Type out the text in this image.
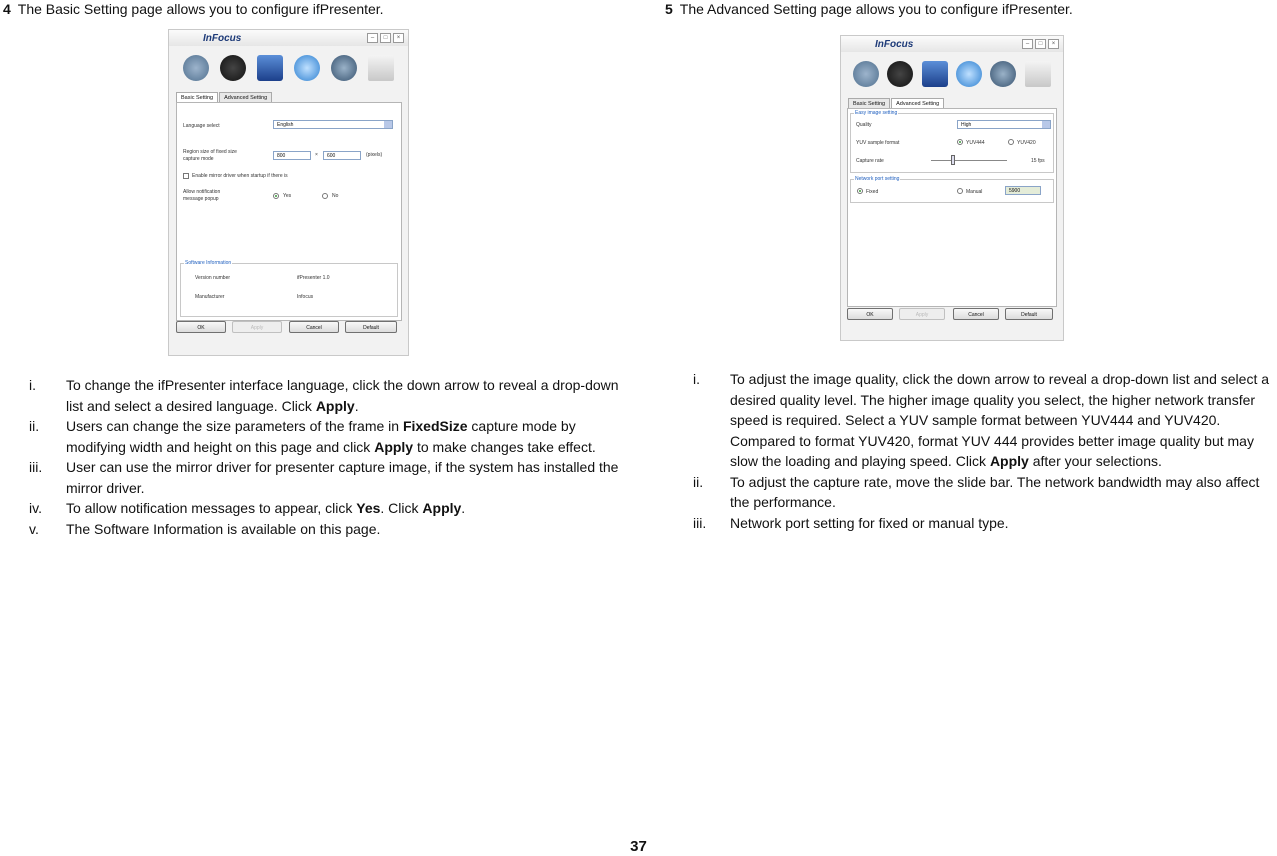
4 The Basic Setting page allows you to configure ifPresenter.
InFocus	–	□	×
Basic Setting	Advanced Setting
Language select	English
Region size of fixed size
capture mode	800	×	600	(pixels)
Enable mirror driver when startup if there is
Allow notification
message popup	Yes	No
Software Information
Version number	ifPresenter 1.0
Manufacturer	Infocus
OK	Apply	Cancel	Default
i. To change the ifPresenter interface language, click the down arrow to reveal a drop-down list and select a desired language. Click Apply.
ii. Users can change the size parameters of the frame in FixedSize capture mode by modifying width and height on this page and click Apply to make changes take effect.
iii. User can use the mirror driver for presenter capture image, if the system has installed the mirror driver.
iv. To allow notification messages to appear, click Yes. Click Apply.
v. The Software Information is available on this page.
5 The Advanced Setting page allows you to configure ifPresenter.
InFocus	–	□	×
Basic Setting	Advanced Setting
Easy image setting
Quality	High
YUV sample format	YUV444	YUV420
Capture rate	15 fps
Network port setting
Fixed	Manual	5900
OK	Apply	Cancel	Default
i. To adjust the image quality, click the down arrow to reveal a drop-down list and select a desired quality level. The higher image quality you select, the higher network transfer speed is required. Select a YUV sample format between YUV444 and YUV420. Compared to format YUV420, format YUV 444 provides better image quality but may slow the loading and playing speed. Click Apply after your selections.
ii. To adjust the capture rate, move the slide bar. The network bandwidth may also affect the performance.
iii. Network port setting for fixed or manual type.
37
